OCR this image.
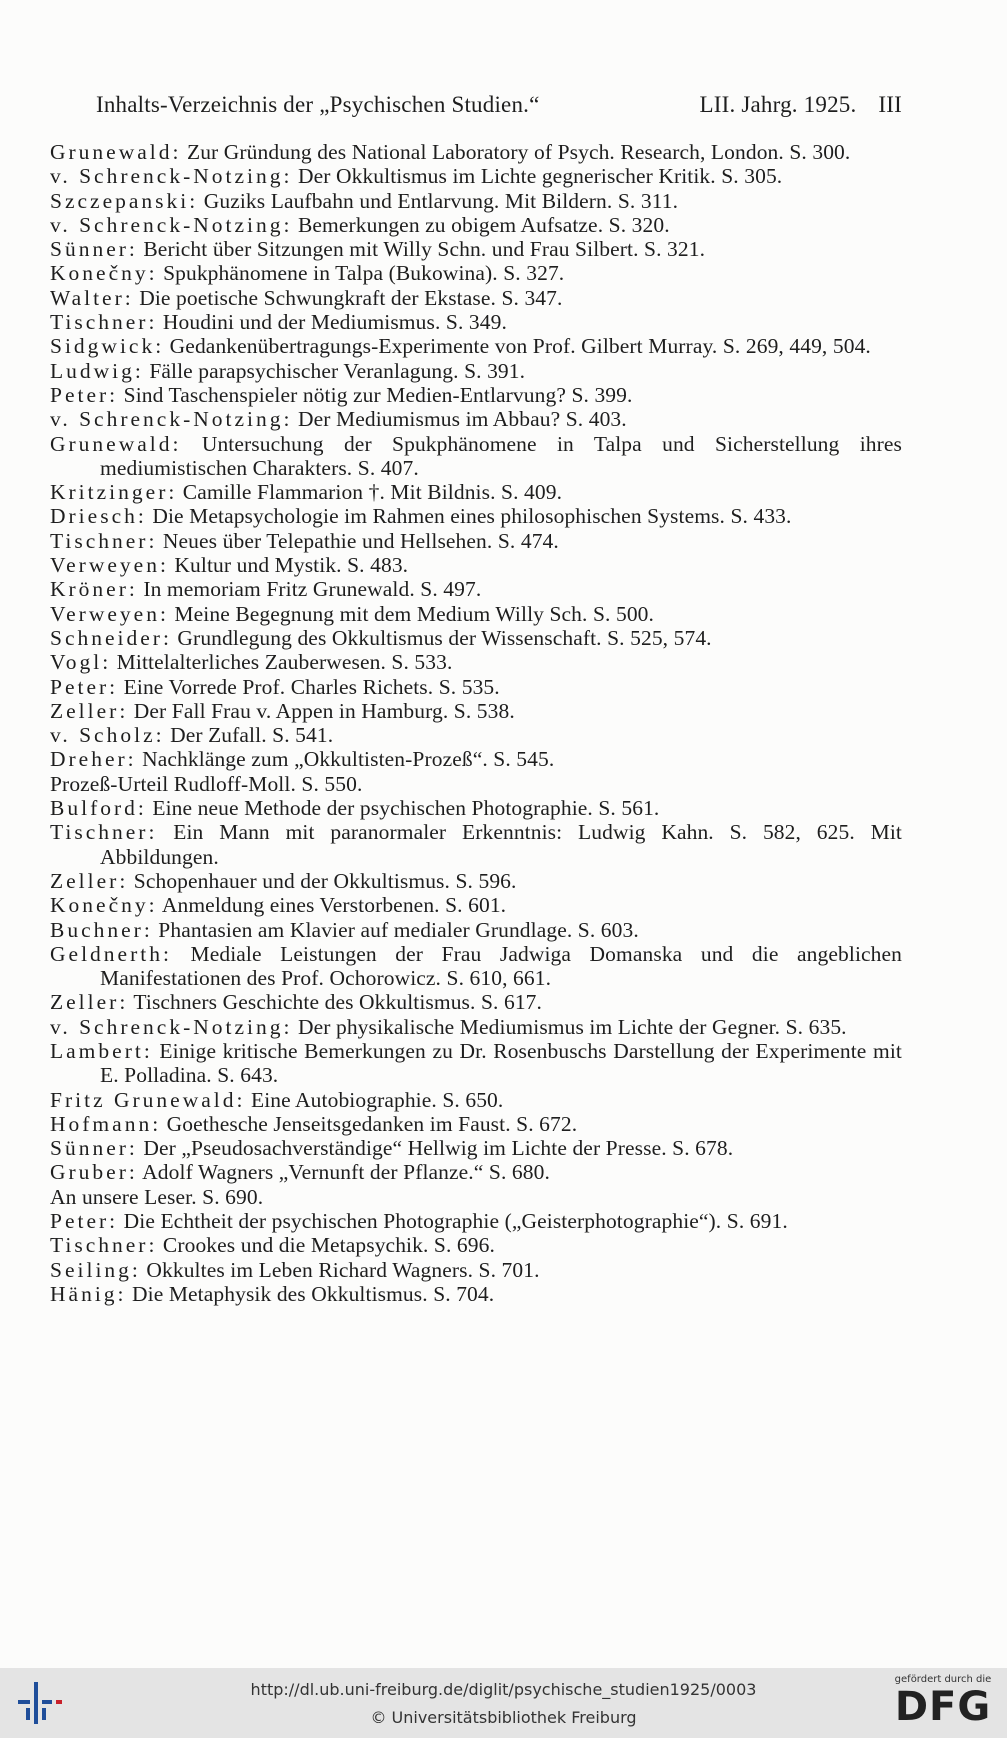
Inhalts-Verzeichnis der „Psychischen Studien.“	LII. Jahrg. 1925. III
Grunewald: Zur Gründung des National Laboratory of Psych. Research, London. S. 300.
v. Schrenck-Notzing: Der Okkultismus im Lichte gegnerischer Kritik. S. 305.
Szczepanski: Guziks Laufbahn und Entlarvung. Mit Bildern. S. 311.
v. Schrenck-Notzing: Bemerkungen zu obigem Aufsatze. S. 320.
Sünner: Bericht über Sitzungen mit Willy Schn. und Frau Silbert. S. 321.
Konečny: Spukphänomene in Talpa (Bukowina). S. 327.
Walter: Die poetische Schwungkraft der Ekstase. S. 347.
Tischner: Houdini und der Mediumismus. S. 349.
Sidgwick: Gedankenübertragungs-Experimente von Prof. Gilbert Murray. S. 269, 449, 504.
Ludwig: Fälle parapsychischer Veranlagung. S. 391.
Peter: Sind Taschenspieler nötig zur Medien-Entlarvung? S. 399.
v. Schrenck-Notzing: Der Mediumismus im Abbau? S. 403.
Grunewald: Untersuchung der Spukphänomene in Talpa und Sicherstellung ihres mediumistischen Charakters. S. 407.
Kritzinger: Camille Flammarion †. Mit Bildnis. S. 409.
Driesch: Die Metapsychologie im Rahmen eines philosophischen Systems. S. 433.
Tischner: Neues über Telepathie und Hellsehen. S. 474.
Verweyen: Kultur und Mystik. S. 483.
Kröner: In memoriam Fritz Grunewald. S. 497.
Verweyen: Meine Begegnung mit dem Medium Willy Sch. S. 500.
Schneider: Grundlegung des Okkultismus der Wissenschaft. S. 525, 574.
Vogl: Mittelalterliches Zauberwesen. S. 533.
Peter: Eine Vorrede Prof. Charles Richets. S. 535.
Zeller: Der Fall Frau v. Appen in Hamburg. S. 538.
v. Scholz: Der Zufall. S. 541.
Dreher: Nachklänge zum „Okkultisten-Prozeß“. S. 545.
Prozeß-Urteil Rudloff-Moll. S. 550.
Bulford: Eine neue Methode der psychischen Photographie. S. 561.
Tischner: Ein Mann mit paranormaler Erkenntnis: Ludwig Kahn. S. 582, 625. Mit Abbildungen.
Zeller: Schopenhauer und der Okkultismus. S. 596.
Konečny: Anmeldung eines Verstorbenen. S. 601.
Buchner: Phantasien am Klavier auf medialer Grundlage. S. 603.
Geldnerth: Mediale Leistungen der Frau Jadwiga Domanska und die angeblichen Manifestationen des Prof. Ochorowicz. S. 610, 661.
Zeller: Tischners Geschichte des Okkultismus. S. 617.
v. Schrenck-Notzing: Der physikalische Mediumismus im Lichte der Gegner. S. 635.
Lambert: Einige kritische Bemerkungen zu Dr. Rosenbuschs Darstellung der Experimente mit E. Polladina. S. 643.
Fritz Grunewald: Eine Autobiographie. S. 650.
Hofmann: Goethesche Jenseitsgedanken im Faust. S. 672.
Sünner: Der „Pseudosachverständige“ Hellwig im Lichte der Presse. S. 678.
Gruber: Adolf Wagners „Vernunft der Pflanze.“ S. 680.
An unsere Leser. S. 690.
Peter: Die Echtheit der psychischen Photographie („Geisterphotographie“). S. 691.
Tischner: Crookes und die Metapsychik. S. 696.
Seiling: Okkultes im Leben Richard Wagners. S. 701.
Hänig: Die Metaphysik des Okkultismus. S. 704.
http://dl.ub.uni-freiburg.de/diglit/psychische_studien1925/0003
© Universitätsbibliothek Freiburg
gefördert durch die
DFG
